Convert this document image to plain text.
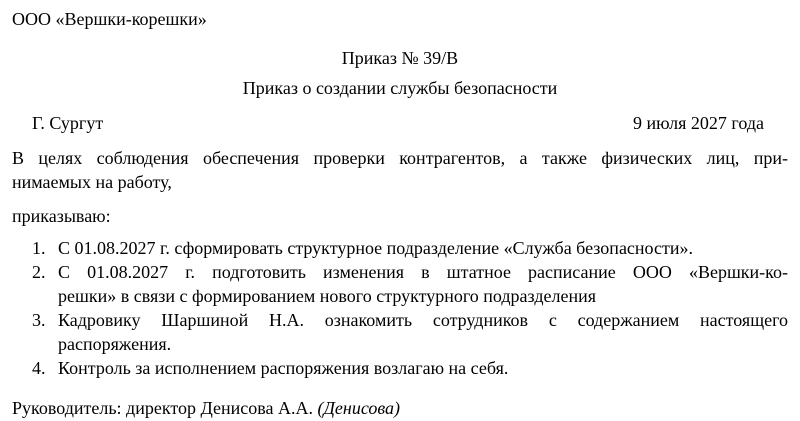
ООО «Вершки-корешки»
Приказ № 39/В
Приказ о создании службы безопасности
Г. Сургут	9 июля 2027 года
В целях соблюдения обеспечения проверки контрагентов, а также физических лиц, при-
нимаемых на работу,
приказываю:
1. С 01.08.2027 г. сформировать структурное подразделение «Служба безопасности».
2. С 01.08.2027 г. подготовить изменения в штатное расписание ООО «Вершки-ко-
решки» в связи с формированием нового структурного подразделения
3. Кадровику Шаршиной Н.А. ознакомить сотрудников с содержанием настоящего
распоряжения.
4. Контроль за исполнением распоряжения возлагаю на себя.
Руководитель: директор Денисова А.А. (Денисова)
